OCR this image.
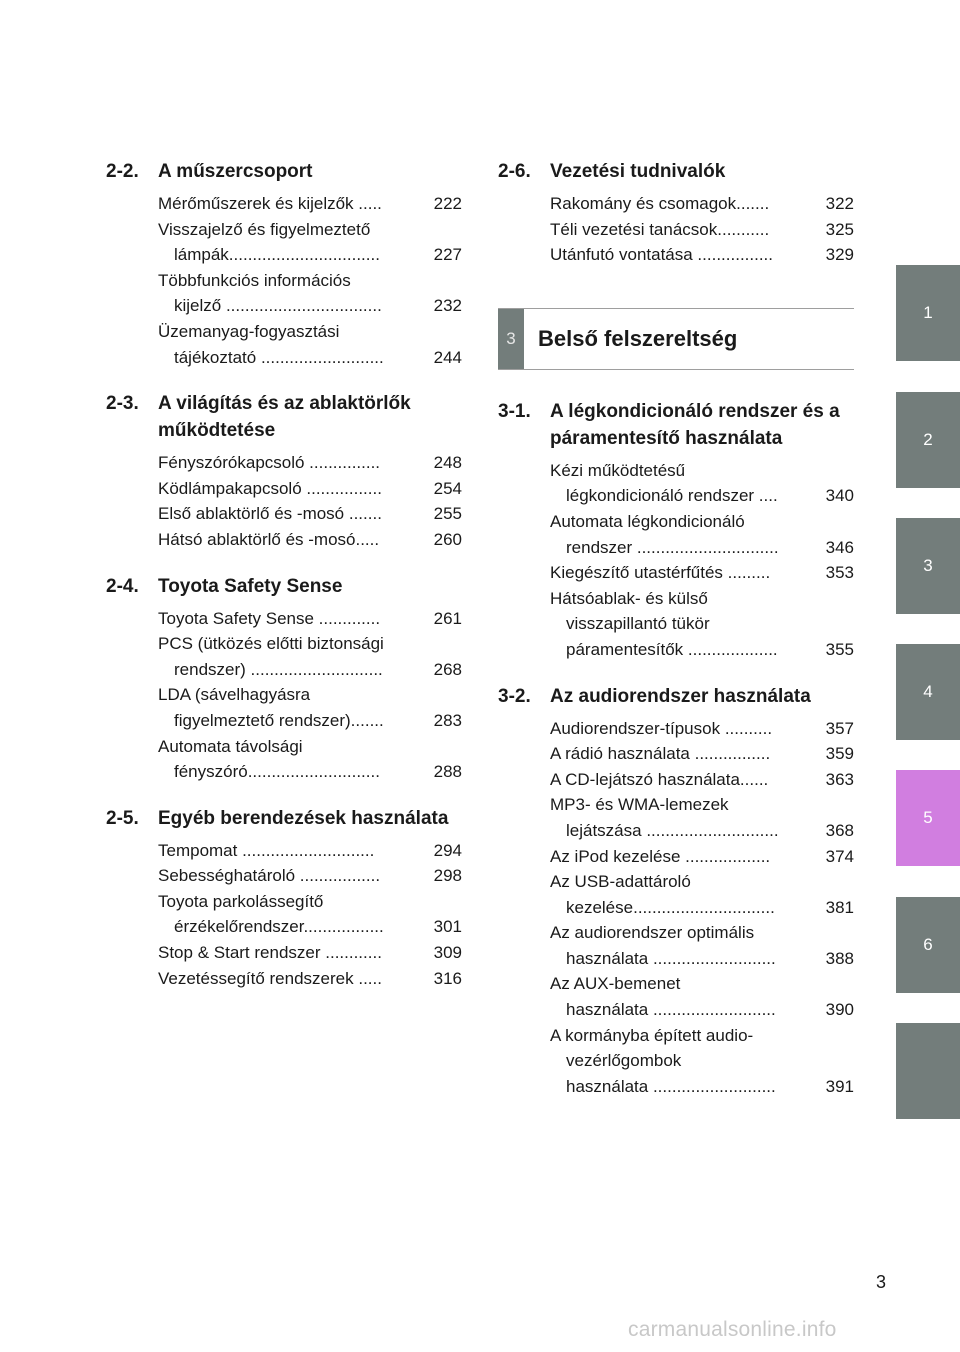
2-2.	A műszercsoport
Mérőműszerek és kijelzők .....	222
Visszajelző és figyelmeztető
lámpák................................	227
Többfunkciós információs
kijelző .................................	232
Üzemanyag-fogyasztási
tájékoztató ..........................	244
2-3.	A világítás és az ablaktörlők működtetése
Fényszórókapcsoló ...............	248
Ködlámpakapcsoló ................	254
Első ablaktörlő és -mosó .......	255
Hátsó ablaktörlő és -mosó.....	260
2-4.	Toyota Safety Sense
Toyota Safety Sense .............	261
PCS (ütközés előtti biztonsági
rendszer) ............................	268
LDA (sávelhagyásra
figyelmeztető rendszer).......	283
Automata távolsági
fényszóró............................	288
2-5.	Egyéb berendezések használata
Tempomat ............................	294
Sebességhatároló .................	298
Toyota parkolássegítő
érzékelőrendszer.................	301
Stop & Start rendszer ............	309
Vezetéssegítő rendszerek .....	316
2-6.	Vezetési tudnivalók
Rakomány és csomagok.......	322
Téli vezetési tanácsok...........	325
Utánfutó vontatása ................	329
3	Belső felszereltség
3-1.	A légkondicionáló rendszer és a páramentesítő használata
Kézi működtetésű
légkondicionáló rendszer ....	340
Automata légkondicionáló
rendszer ..............................	346
Kiegészítő utastérfűtés .........	353
Hátsóablak- és külső
visszapillantó tükör
páramentesítők ...................	355
3-2.	Az audiorendszer használata
Audiorendszer-típusok ..........	357
A rádió használata ................	359
A CD-lejátszó használata......	363
MP3- és WMA-lemezek
lejátszása ............................	368
Az iPod kezelése ..................	374
Az USB-adattároló
kezelése..............................	381
Az audiorendszer optimális
használata ..........................	388
Az AUX-bemenet
használata ..........................	390
A kormányba épített audio-
vezérlőgombok
használata ..........................	391
1
2
3
4
5
6
3
carmanualsonline.info
